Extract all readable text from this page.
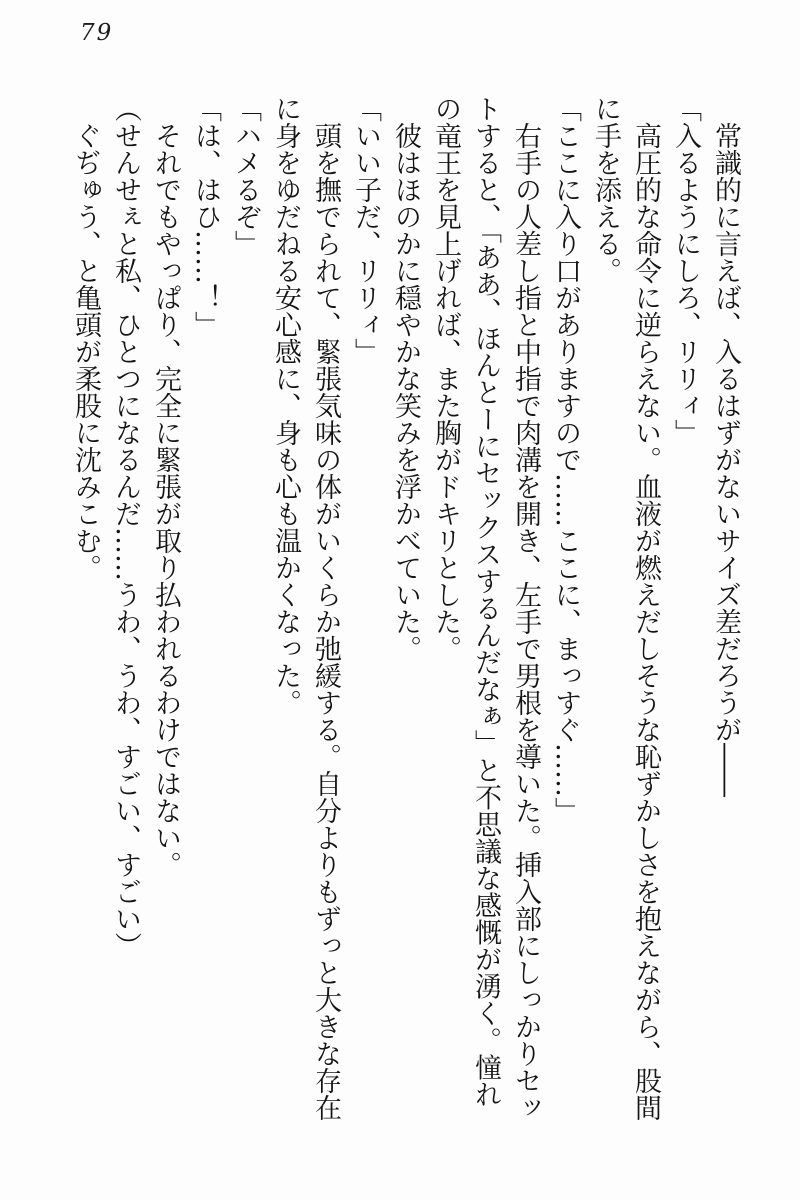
79
常識的に言えば、入るはずがないサイズ差だろうが――
「入るようにしろ、リリィ」
高圧的な命令に逆らえない。血液が燃えだしそうな恥ずかしさを抱えながら、股間
に手を添える。
「ここに入り口がありますので……ここに、まっすぐ……」
右手の人差し指と中指で肉溝を開き、左手で男根を導いた。挿入部にしっかりセッ
トすると、「ああ、ほんとーにセックスするんだなぁ」と不思議な感慨が湧く。憧れ
の竜王を見上げれば、また胸がドキリとした。
彼はほのかに穏やかな笑みを浮かべていた。
「いい子だ、リリィ」
頭を撫でられて、緊張気味の体がいくらか弛緩する。自分よりもずっと大きな存在
に身をゆだねる安心感に、身も心も温かくなった。
「ハメるぞ」
「は、はひ……！」
それでもやっぱり、完全に緊張が取り払われるわけではない。
（せんせぇと私、ひとつになるんだ……うわ、うわ、すごい、すごい）
ぐぢゅう、と亀頭が柔股に沈みこむ。
